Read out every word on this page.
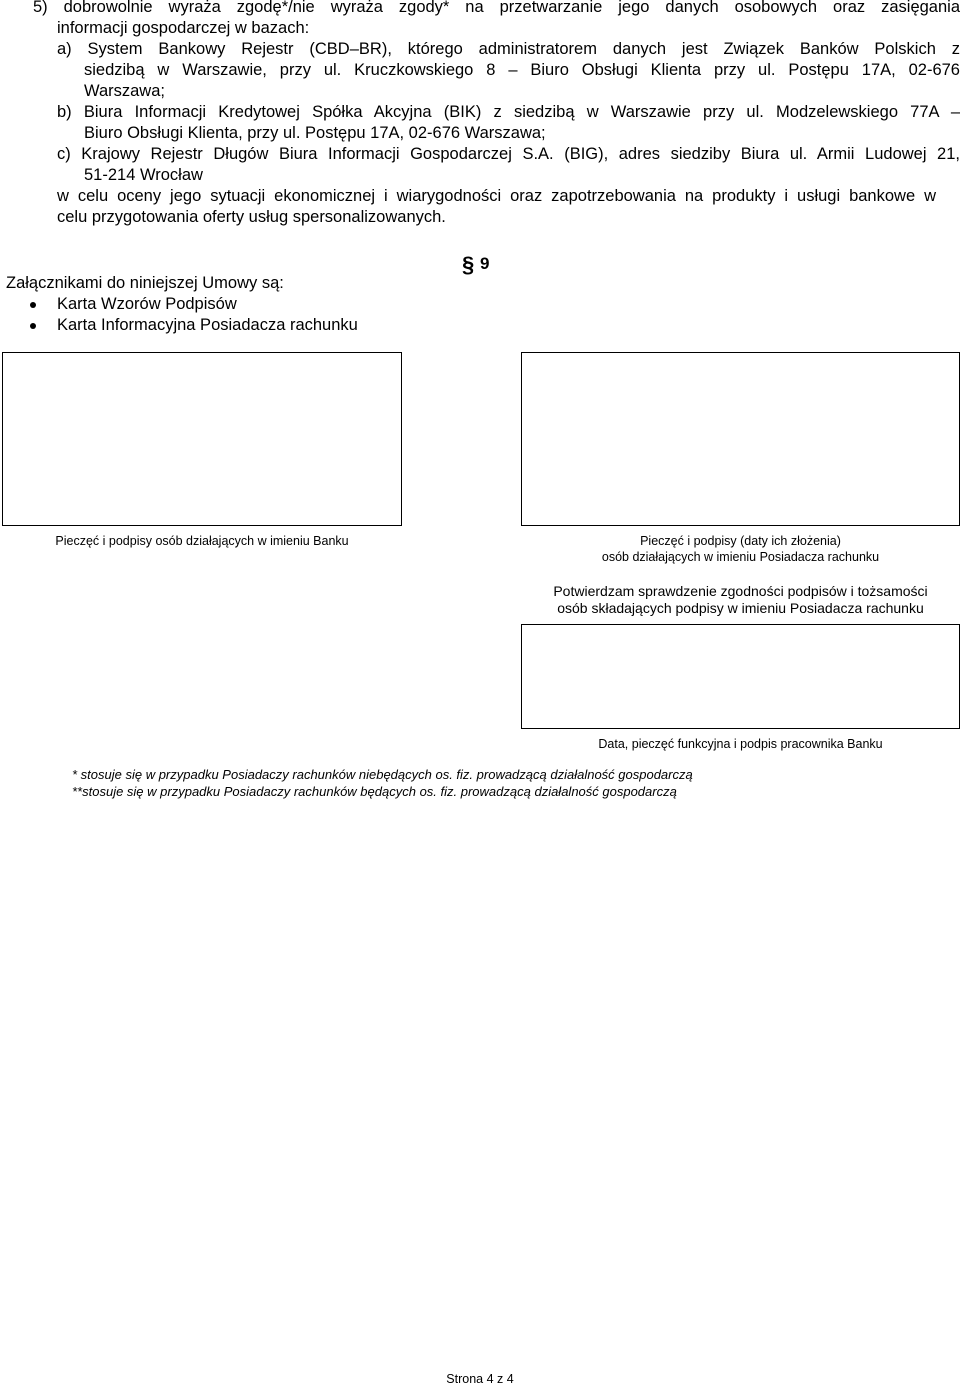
5) dobrowolnie wyraża zgodę*/nie wyraża zgody* na przetwarzanie jego danych osobowych oraz zasięgania
informacji gospodarczej w bazach:
a) System Bankowy Rejestr (CBD–BR), którego administratorem danych jest Związek Banków Polskich z
siedzibą w Warszawie, przy ul. Kruczkowskiego 8 – Biuro Obsługi Klienta przy ul. Postępu 17A, 02-676
Warszawa;
b) Biura Informacji Kredytowej Spółka Akcyjna (BIK) z siedzibą w Warszawie przy ul. Modzelewskiego 77A –
Biuro Obsługi Klienta, przy ul. Postępu 17A, 02-676 Warszawa;
c) Krajowy Rejestr Długów Biura Informacji Gospodarczej S.A. (BIG), adres siedziby Biura ul. Armii Ludowej 21,
51-214 Wrocław
w celu oceny jego sytuacji ekonomicznej i wiarygodności oraz zapotrzebowania na produkty i usługi bankowe w
celu przygotowania oferty usług spersonalizowanych.
§ 9
Załącznikami do niniejszej Umowy są:
Karta Wzorów Podpisów
Karta Informacyjna Posiadacza rachunku
Pieczęć i podpisy osób działających w imieniu Banku	Pieczęć i podpisy (daty ich złożenia)
osób działających w imieniu Posiadacza rachunku
Potwierdzam sprawdzenie zgodności podpisów i tożsamości
osób składających podpisy w imieniu Posiadacza rachunku
Data, pieczęć funkcyjna i podpis pracownika Banku
* stosuje się w przypadku Posiadaczy rachunków niebędących os. fiz. prowadzącą działalność gospodarczą
**stosuje się w przypadku Posiadaczy rachunków będących os. fiz. prowadzącą działalność gospodarczą
Strona 4 z 4
